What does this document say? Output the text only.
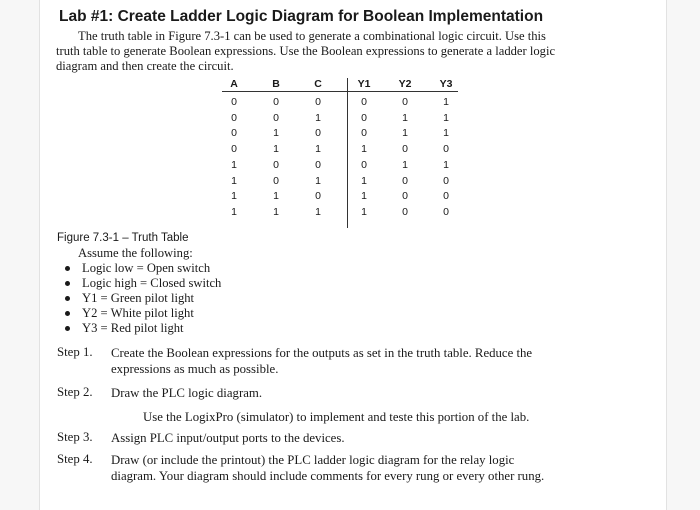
Lab #1: Create Ladder Logic Diagram for Boolean Implementation
The truth table in Figure 7.3-1 can be used to generate a combinational logic circuit. Use this
truth table to generate Boolean expressions. Use the Boolean expressions to generate a ladder logic
diagram and then create the circuit.
A	B	C	Y1	Y2	Y3
0	0	0	0	0	1
0	0	1	0	1	1
0	1	0	0	1	1
0	1	1	1	0	0
1	0	0	0	1	1
1	0	1	1	0	0
1	1	0	1	0	0
1	1	1	1	0	0
Figure 7.3-1 – Truth Table
Assume the following:
Logic low = Open switch
Logic high = Closed switch
Y1 = Green pilot light
Y2 = White pilot light
Y3 = Red pilot light
Step 1. Create the Boolean expressions for the outputs as set in the truth table. Reduce the
expressions as much as possible.
Step 2. Draw the PLC logic diagram.
Use the LogixPro (simulator) to implement and teste this portion of the lab.
Step 3. Assign PLC input/output ports to the devices.
Step 4. Draw (or include the printout) the PLC ladder logic diagram for the relay logic
diagram. Your diagram should include comments for every rung or every other rung.
